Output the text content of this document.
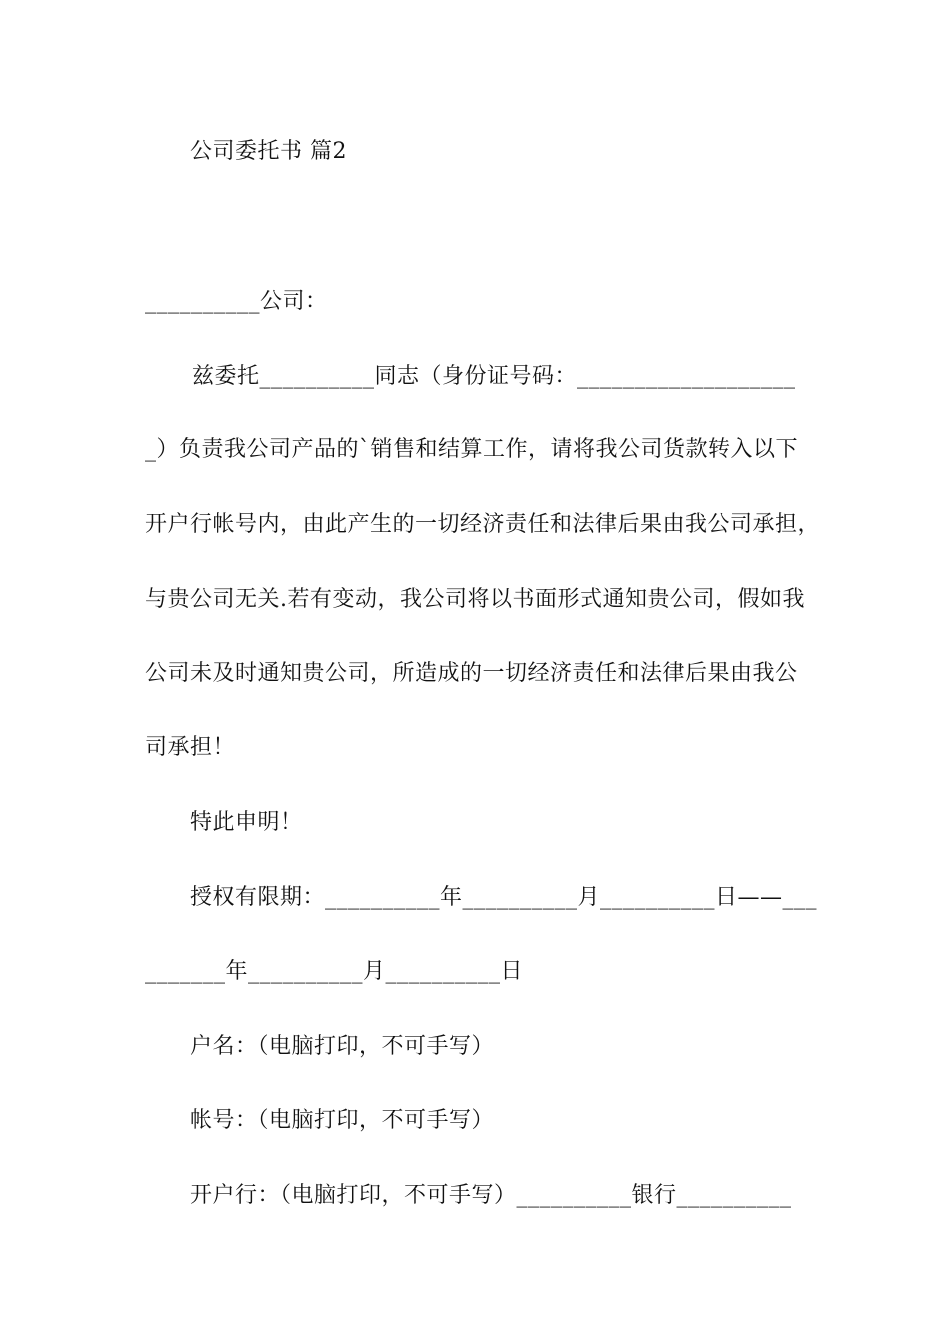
公司委托书 篇2
__________公司：
兹委托__________同志（身份证号码：___________________
_）负责我公司产品的`销售和结算工作，请将我公司货款转入以下
开户行帐号内，由此产生的一切经济责任和法律后果由我公司承担，
与贵公司无关.若有变动，我公司将以书面形式通知贵公司，假如我
公司未及时通知贵公司，所造成的一切经济责任和法律后果由我公
司承担！
特此申明！
授权有限期：__________年__________月__________日——___
_______年__________月__________日
户名：（电脑打印，不可手写）
帐号：（电脑打印，不可手写）
开户行：（电脑打印，不可手写）__________银行__________
